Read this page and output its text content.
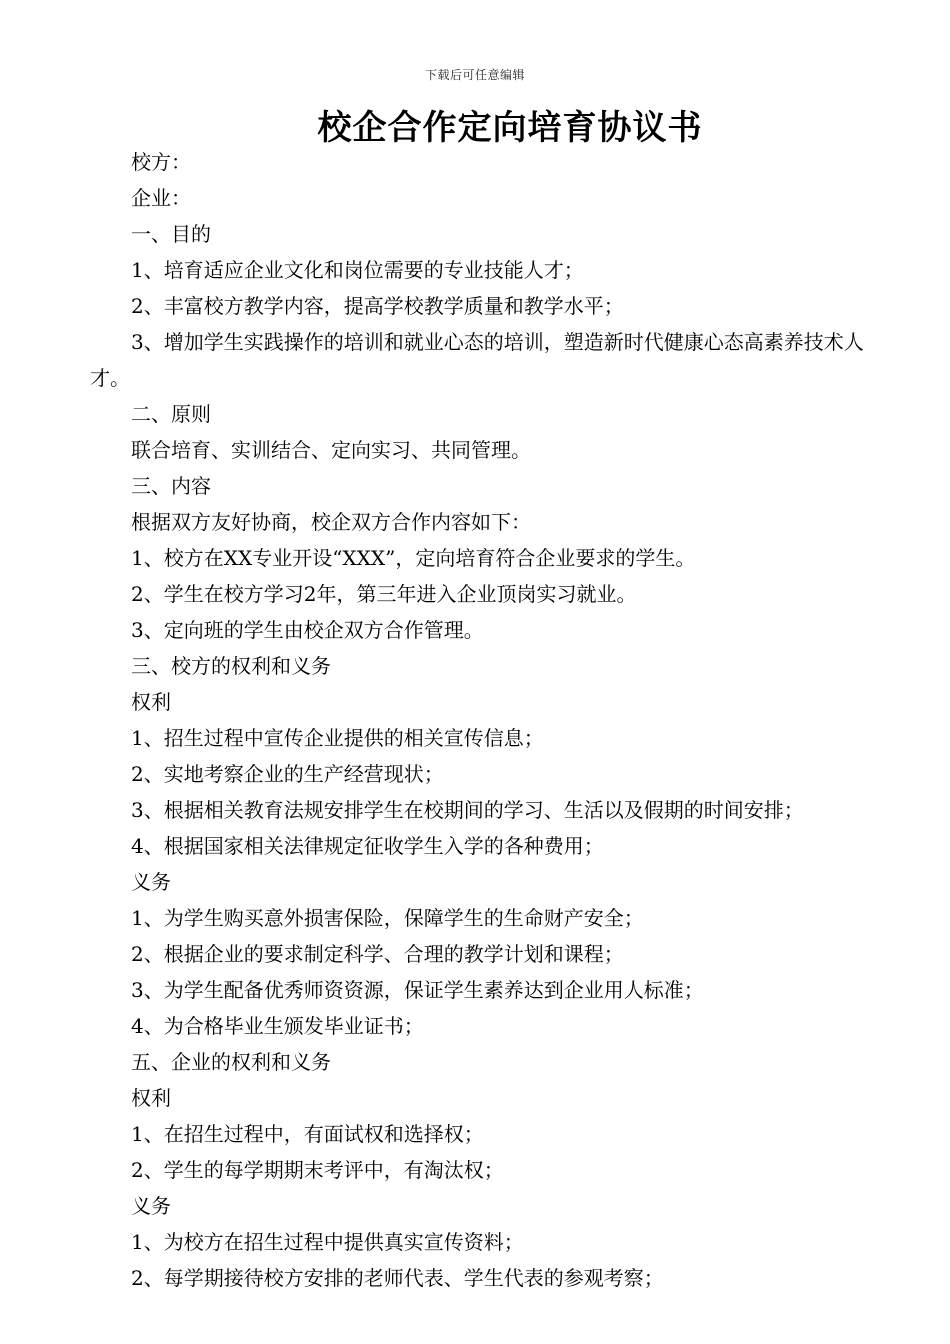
下载后可任意编辑
校企合作定向培育协议书

校方：

企业：

一、目的

1、培育适应企业文化和岗位需要的专业技能人才；

2、丰富校方教学内容，提高学校教学质量和教学水平；

3、增加学生实践操作的培训和就业心态的培训，塑造新时代健康心态高素养技术人才。

二、原则

联合培育、实训结合、定向实习、共同管理。

三、内容

根据双方友好协商，校企双方合作内容如下：

1、校方在XX专业开设“XXX”，定向培育符合企业要求的学生。

2、学生在校方学习2年，第三年进入企业顶岗实习就业。

3、定向班的学生由校企双方合作管理。

三、校方的权利和义务

权利

1、招生过程中宣传企业提供的相关宣传信息；

2、实地考察企业的生产经营现状；

3、根据相关教育法规安排学生在校期间的学习、生活以及假期的时间安排；

4、根据国家相关法律规定征收学生入学的各种费用；

义务

1、为学生购买意外损害保险，保障学生的生命财产安全；

2、根据企业的要求制定科学、合理的教学计划和课程；

3、为学生配备优秀师资资源，保证学生素养达到企业用人标准；

4、为合格毕业生颁发毕业证书；

五、企业的权利和义务

权利

1、在招生过程中，有面试权和选择权；

2、学生的每学期期末考评中，有淘汰权；

义务

1、为校方在招生过程中提供真实宣传资料；

2、每学期接待校方安排的老师代表、学生代表的参观考察；
